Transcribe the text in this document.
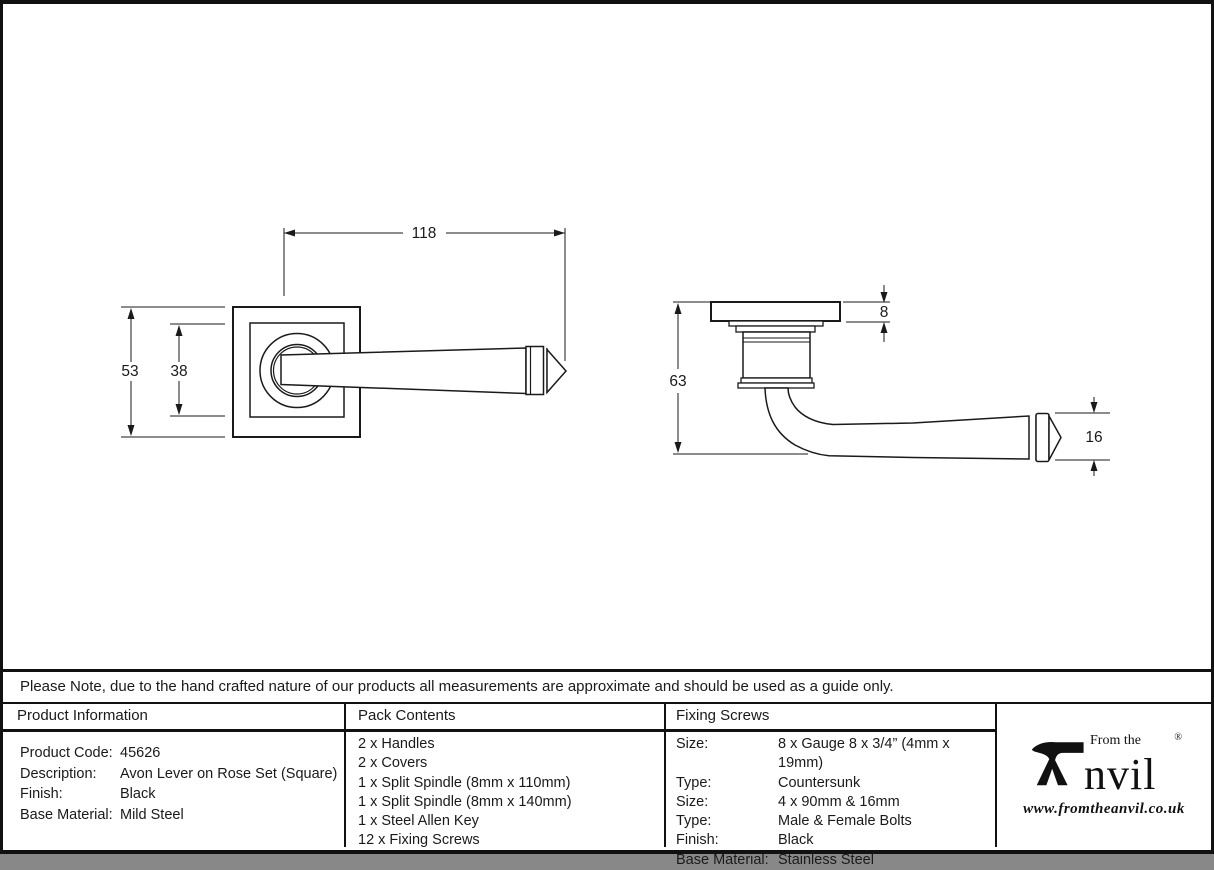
118
53 38
63
8
16
Please Note, due to the hand crafted nature of our products all measurements are approximate and should be used as a guide only.
Product Information
Product Code: 45626
Description:	Avon Lever on Rose Set (Square)
Finish:	Black
Base Material: Mild Steel
Pack Contents
2 x Handles
2 x Covers
1 x Split Spindle (8mm x 110mm)
1 x Split Spindle (8mm x 140mm)
1 x Steel Allen Key
12 x Fixing Screws
Fixing Screws
Size:	8 x Gauge 8 x 3/4” (4mm x 19mm)
Type:	Countersunk
Size:	4 x 90mm & 16mm
Type:	Male & Female Bolts
Finish:	Black
Base Material: Stainless Steel
From the	®
nvil
www.fromtheanvil.co.uk
